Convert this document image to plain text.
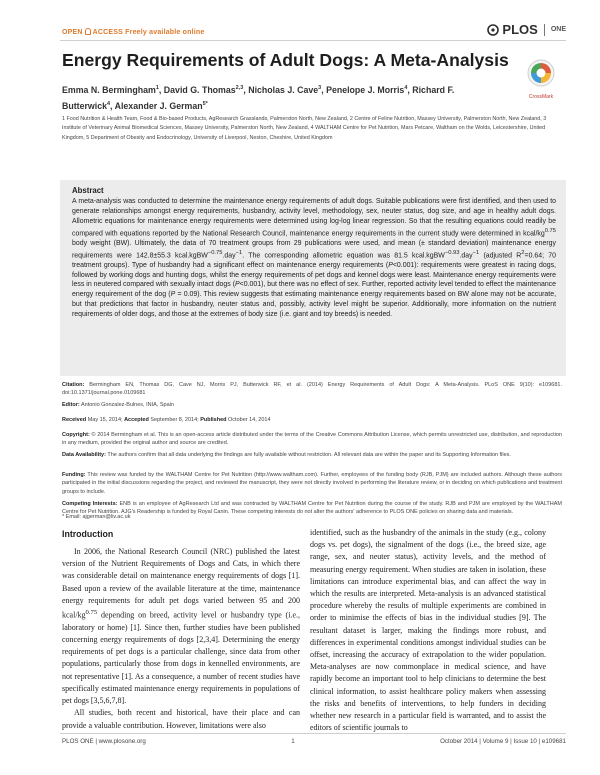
OPEN ACCESS Freely available online	PLOS ONE
Energy Requirements of Adult Dogs: A Meta-Analysis
Emma N. Bermingham$^1$, David G. Thomas$^{2,3}$, Nicholas J. Cave$^3$, Penelope J. Morris$^4$, Richard F. Butterwick$^4$, Alexander J. German$^{5*}$
CrossMark
1 Food Nutrition & Health Team, Food & Bio-based Products, AgResearch Grasslands, Palmerston North, New Zealand, 2 Centre of Feline Nutrition, Massey University, Palmerston North, New Zealand, 3 Institute of Veterinary Animal Biomedical Sciences, Massey University, Palmerston North, New Zealand, 4 WALTHAM Centre for Pet Nutrition, Mars Petcare, Waltham on the Wolds, Leicestershire, United Kingdom, 5 Department of Obesity and Endocrinology, University of Liverpool, Neston, Cheshire, United Kingdom
Abstract
A meta-analysis was conducted to determine the maintenance energy requirements of adult dogs. Suitable publications were first identified, and then used to generate relationships amongst energy requirements, husbandry, activity level, methodology, sex, neuter status, dog size, and age in healthy adult dogs. Allometric equations for maintenance energy requirements were determined using log-log linear regression. So that the resulting equations could readily be compared with equations reported by the National Research Council, maintenance energy requirements in the current study were determined in kcal/$kg^{0.75}$ body weight (BW). Ultimately, the data of 70 treatment groups from 29 publications were used, and mean (± standard deviation) maintenance energy requirements were 142.8±55.3 kcal.kgBW$^{-0.75}$.day$^{-1}$. The corresponding allometric equation was 81.5 kcal.kgBW$^{-0.93}$.day$^{-1}$ (adjusted $R^2=0.64$; 70 treatment groups). Type of husbandry had a significant effect on maintenance energy requirements (P<0.001): requirements were greatest in racing dogs, followed by working dogs and hunting dogs, whilst the energy requirements of pet dogs and kennel dogs were least. Maintenance energy requirements were less in neutered compared with sexually intact dogs (P<0.001), but there was no effect of sex. Further, reported activity level tended to effect the maintenance energy requirement of the dog (P = 0.09). This review suggests that estimating maintenance energy requirements based on BW alone may not be accurate, but that predictions that factor in husbandry, neuter status and, possibly, activity level might be superior. Additionally, more information on the nutrient requirements of older dogs, and those at the extremes of body size (i.e. giant and toy breeds) is needed.
Citation: Bermingham EN, Thomas DG, Cave NJ, Morris PJ, Butterwick RF, et al. (2014) Energy Requirements of Adult Dogs: A Meta-Analysis. PLoS ONE 9(10): e109681. doi:10.1371/journal.pone.0109681
Editor: Antonio Gonzalez-Bulnes, INIA, Spain
Received May 15, 2014; Accepted September 8, 2014; Published October 14, 2014
Copyright: © 2014 Bermingham et al. This is an open-access article distributed under the terms of the Creative Commons Attribution License, which permits unrestricted use, distribution, and reproduction in any medium, provided the original author and source are credited.
Data Availability: The authors confirm that all data underlying the findings are fully available without restriction. All relevant data are within the paper and its Supporting Information files.
Funding: This review was funded by the WALTHAM Centre for Pet Nutrition (http://www.waltham.com). Further, employees of the funding body (RJB, PJM) are included authors. Although these authors participated in the initial discussions regarding the project, and reviewed the manuscript, they were not directly involved in performing the literature review, or in deciding on which publications and treatment groups to include.
Competing Interests: ENB is an employee of AgResearch Ltd and was contracted by WALTHAM Centre for Pet Nutrition during the course of the study. RJB and PJM are employed by the WALTHAM Centre for Pet Nutrition. AJG's Readership is funded by Royal Canin. These competing interests do not alter the authors' adherence to PLOS ONE policies on sharing data and materials.
* Email: ajgerman@liv.ac.uk
Introduction

In 2006, the National Research Council (NRC) published the latest version of the Nutrient Requirements of Dogs and Cats, in which there was considerable detail on maintenance energy requirements of dogs [1]. Based upon a review of the available literature at the time, maintenance energy requirements for adult pet dogs varied between 95 and 200 kcal/$kg^{0.75}$ depending on breed, activity level or husbandry type (i.e., laboratory or home) [1]. Since then, further studies have been published concerning energy requirements of dogs [2,3,4]. Determining the energy requirements of pet dogs is a particular challenge, since data from other populations, particularly those from dogs in kennelled environments, are not representative [1]. As a consequence, a number of recent studies have specifically estimated maintenance energy requirements in populations of pet dogs [3,5,6,7,8].

All studies, both recent and historical, have their place and can provide a valuable contribution. However, limitations were also

identified, such as the husbandry of the animals in the study (e.g., colony dogs vs. pet dogs), the signalment of the dogs (i.e., the breed size, age range, sex, and neuter status), activity levels, and the method of measuring energy requirement. When studies are taken in isolation, these limitations can introduce experimental bias, and can affect the way in which the results are interpreted. Meta-analysis is an advanced statistical procedure whereby the results of multiple experiments are combined in order to minimise the effects of bias in the individual studies [9]. The resultant dataset is larger, making the findings more robust, and differences in experimental conditions amongst individual studies can be offset, increasing the accuracy of extrapolation to the wider population. Meta-analyses are now commonplace in medical science, and have rapidly become an important tool to help clinicians to determine the best clinical information, to assist healthcare policy makers when assessing the risks and benefits of interventions, to help funders in deciding whether new research in a particular field is warranted, and to assist the editors of scientific journals to

PLOS ONE | www.plosone.org	1	October 2014 | Volume 9 | Issue 10 | e109681
